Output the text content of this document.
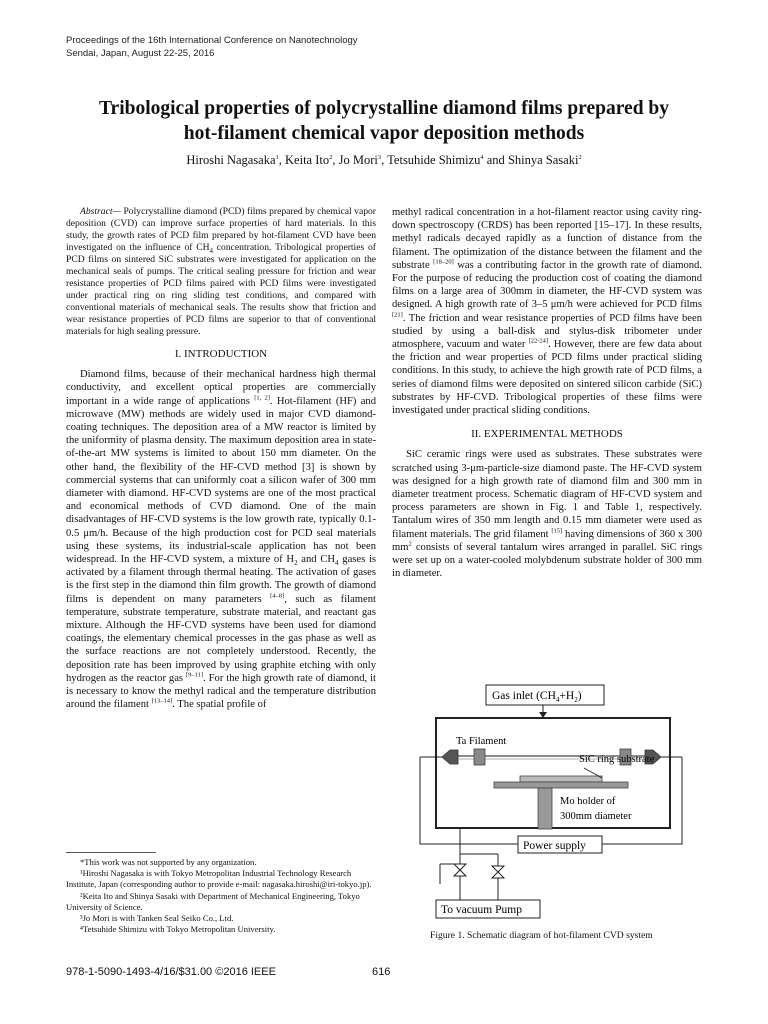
Proceedings of the 16th International Conference on Nanotechnology
Sendai, Japan, August 22-25, 2016
Tribological properties of polycrystalline diamond films prepared by
hot-filament chemical vapor deposition methods
Hiroshi Nagasaka$^1$, Keita Ito$^2$, Jo Mori$^3$, Tetsuhide Shimizu$^4$ and Shinya Sasaki$^2$

Abstract— Polycrystalline diamond (PCD) films prepared by chemical vapor deposition (CVD) can improve surface properties of hard materials. In this study, the growth rates of PCD film prepared by hot-filament CVD have been investigated on the influence of $CH_4$ concentration. Tribological properties of PCD films on sintered SiC substrates were investigated for application on the mechanical seals of pumps. The critical sealing pressure for friction and wear resistance properties of PCD films paired with PCD films were investigated under practical ring on ring sliding test conditions, and compared with conventional materials of mechanical seals. The results show that friction and wear resistance properties of PCD films are superior to that of conventional materials for high sealing pressure.

I. INTRODUCTION

Diamond films, because of their mechanical hardness high thermal conductivity, and excellent optical properties are commercially important in a wide range of applications [1, 2]. Hot-filament (HF) and microwave (MW) methods are widely used in major CVD diamond-coating techniques. The deposition area of a MW reactor is limited by the uniformity of plasma density. The maximum deposition area in state-of-the-art MW systems is limited to about 150 mm diameter. On the other hand, the flexibility of the HF-CVD method [3] is shown by commercial systems that can uniformly coat a silicon wafer of 300 mm diameter with diamond. HF-CVD systems are one of the most practical and economical methods of CVD diamond. One of the main disadvantages of HF-CVD systems is the low growth rate, typically 0.1-0.5 μm/h. Because of the high production cost for PCD seal materials using these systems, its industrial-scale application has not been widespread. In the HF-CVD system, a mixture of $H_2$ and $CH_4$ gases is activated by a filament through thermal heating. The activation of gases is the first step in the diamond thin film growth. The growth of diamond films is dependent on many parameters [4–8], such as filament temperature, substrate temperature, substrate material, and reactant gas mixture. Although the HF-CVD systems have been used for diamond coatings, the elementary chemical processes in the gas phase as well as the surface reactions are not completely understood. Recently, the deposition rate has been improved by using graphite etching with only hydrogen as the reactor gas [9–11]. For the high growth rate of diamond, it is necessary to know the methyl radical and the temperature distribution around the filament [13–14]. The spatial profile of

methyl radical concentration in a hot-filament reactor using cavity ring-down spectroscopy (CRDS) has been reported [15–17]. In these results, methyl radicals decayed rapidly as a function of distance from the filament. The optimization of the distance between the filament and the substrate [18–20] was a contributing factor in the growth rate of diamond. For the purpose of reducing the production cost of coating the diamond films on a large area of 300mm in diameter, the HF-CVD system was designed. A high growth rate of 3–5 μm/h were achieved for PCD films [21]. The friction and wear resistance properties of PCD films have been studied by using a ball-disk and stylus-disk tribometer under atmosphere, vacuum and water [22-24]. However, there are few data about the friction and wear properties of PCD films under practical sliding conditions. In this study, to achieve the high growth rate of PCD films, a series of diamond films were deposited on sintered silicon carbide (SiC) substrates by HF-CVD. Tribological properties of these films were investigated under practical sliding conditions.

II. EXPERIMENTAL METHODS

SiC ceramic rings were used as substrates. These substrates were scratched using 3-μm-particle-size diamond paste. The HF-CVD system was designed for a high growth rate of diamond film and 300 mm in diameter treatment process. Schematic diagram of HF-CVD system and process parameters are shown in Fig. 1 and Table 1, respectively. Tantalum wires of 350 mm length and 0.15 mm diameter were used as filament materials. The grid filament [15] having dimensions of 360 x 300 $mm^2$ consists of several tantalum wires arranged in parallel. SiC rings were set up on a water-cooled molybdenum substrate holder of 300 mm in diameter.

Gas inlet $(CH_4+H_2)$
Ta Filament
SiC ring substrate
Mo holder of
300mm diameter
Power supply
To vacuum Pump
Figure 1. Schematic diagram of hot-filament CVD system

*This work was not supported by any organization.

¹Hiroshi Nagasaka is with Tokyo Metropolitan Industrial Technology Research Institute, Japan (corresponding author to provide e-mail: nagasaka.hiroshi@iri-tokyo.jp).

²Keita Ito and Shinya Sasaki with Department of Mechanical Engineering, Tokyo University of Science.

³Jo Mori is with Tanken Seal Seiko Co., Ltd.

⁴Tetsuhide Shimizu with Tokyo Metropolitan University.

978-1-5090-1493-4/16/$31.00 ©2016 IEEE	616
